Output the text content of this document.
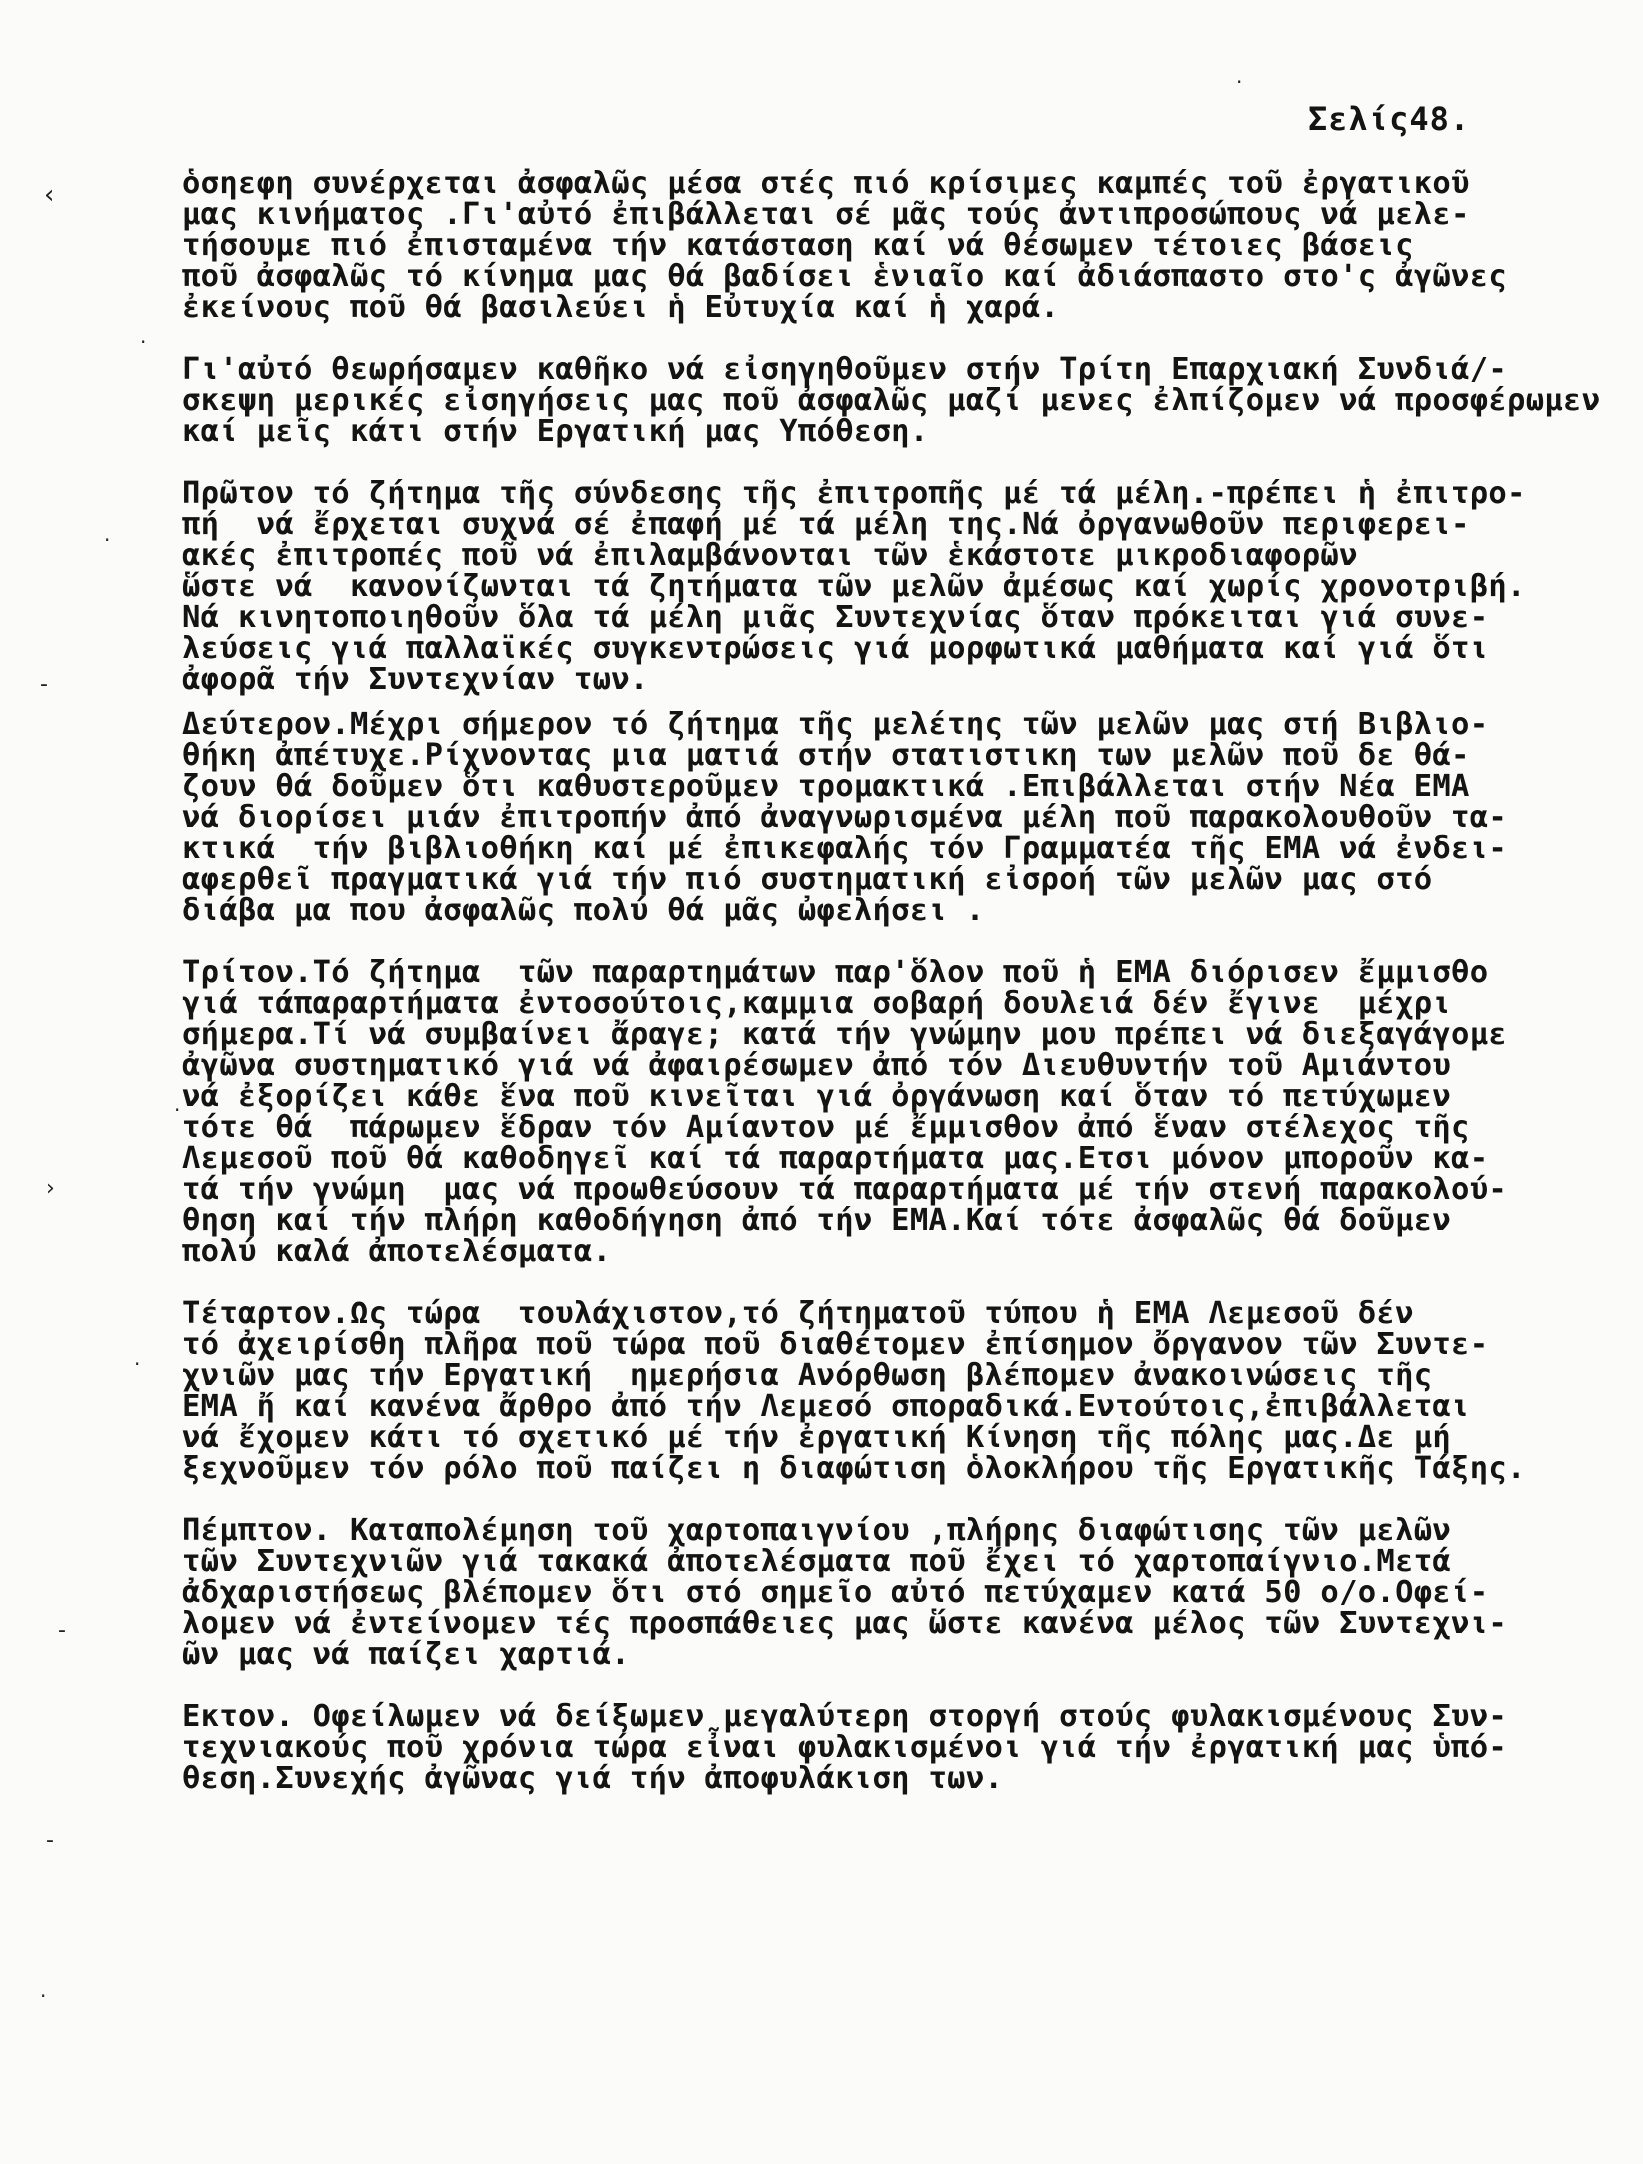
Σελίς48.

‹
·
·
‐
·
›
·
‐
‐
·
·

ὁσηεφη συνέρχεται ἀσφαλῶς μέσα στές πιό κρίσιμες καμπές τοῦ ἐργατικοῦ
μας κινήματος .Γι'αὐτό ἐπιβάλλεται σέ μᾶς τούς ἀντιπροσώπους νά μελε-
τήσουμε πιό ἐπισταμένα τήν κατάσταση καί νά θέσωμεν τέτοιες βάσεις
ποῦ ἀσφαλῶς τό κίνημα μας θά βαδίσει ἑνιαῖο καί ἀδιάσπαστο στο'ς ἀγῶνες
ἐκείνους ποῦ θά βασιλεύει ἡ Εὐτυχία καί ἡ χαρά.

Γι'αὐτό θεωρήσαμεν καθῆκο νά εἰσηγηθοῦμεν στήν Τρίτη Επαρχιακή Συνδιά/-
σκεψη μερικές εἰσηγήσεις μας ποῦ ἀσφαλῶς μαζί μενες ἐλπίζομεν νά προσφέρωμεν
καί μεῖς κάτι στήν Εργατική μας Υπόθεση.

Πρῶτον τό ζήτημα τῆς σύνδεσης τῆς ἐπιτροπῆς μέ τά μέλη.-πρέπει ἡ ἐπιτρο-
πή  νά ἔρχεται συχνά σέ ἐπαφή μέ τά μέλη της.Νά ὀργανωθοῦν περιφερει-
ακές ἐπιτροπές ποῦ νά ἐπιλαμβάνονται τῶν ἑκάστοτε μικροδιαφορῶν
ὥστε νά  κανονίζωνται τά ζητήματα τῶν μελῶν ἀμέσως καί χωρίς χρονοτριβή.
Νά κινητοποιηθοῦν ὅλα τά μέλη μιᾶς Συντεχνίας ὅταν πρόκειται γιά συνε-
λεύσεις γιά παλλαϊκές συγκεντρώσεις γιά μορφωτικά μαθήματα καί γιά ὅτι
ἀφορᾶ τήν Συντεχνίαν των.

Δεύτερον.Μέχρι σήμερον τό ζήτημα τῆς μελέτης τῶν μελῶν μας στή Βιβλιο-
θήκη ἀπέτυχε.Ρίχνοντας μια ματιά στήν στατιστικη των μελῶν ποῦ δε θά-
ζουν θά δοῦμεν ὅτι καθυστεροῦμεν τρομακτικά .Επιβάλλεται στήν Νέα ΕΜΑ
νά διορίσει μιάν ἐπιτροπήν ἀπό ἀναγνωρισμένα μέλη ποῦ παρακολουθοῦν τα-
κτικά  τήν βιβλιοθήκη καί μέ ἐπικεφαλής τόν Γραμματέα τῆς ΕΜΑ νά ἐνδει-
αφερθεῖ πραγματικά γιά τήν πιό συστηματική εἰσροή τῶν μελῶν μας στό
διάβα μα που ἀσφαλῶς πολύ θά μᾶς ὠφελήσει .

Τρίτον.Τό ζήτημα  τῶν παραρτημάτων παρ'ὅλον ποῦ ἡ ΕΜΑ διόρισεν ἔμμισθο
γιά τάπαραρτήματα ἐντοσούτοις,καμμια σοβαρή δουλειά δέν ἔγινε  μέχρι
σήμερα.Τί νά συμβαίνει ἄραγε; κατά τήν γνώμην μου πρέπει νά διεξαγάγομε
ἀγῶνα συστηματικό γιά νά ἀφαιρέσωμεν ἀπό τόν Διευθυντήν τοῦ Αμιάντου
νά ἐξορίζει κάθε ἕνα ποῦ κινεῖται γιά ὀργάνωση καί ὅταν τό πετύχωμεν
τότε θά  πάρωμεν ἕδραν τόν Αμίαντον μέ ἔμμισθον ἀπό ἕναν στέλεχος τῆς
Λεμεσοῦ ποῦ θά καθοδηγεῖ καί τά παραρτήματα μας.Ετσι μόνον μποροῦν κα-
τά τήν γνώμη  μας νά προωθεύσουν τά παραρτήματα μέ τήν στενή παρακολού-
θηση καί τήν πλήρη καθοδήγηση ἀπό τήν ΕΜΑ.Καί τότε ἀσφαλῶς θά δοῦμεν
πολύ καλά ἀποτελέσματα.

Τέταρτον.Ως τώρα  τουλάχιστον,τό ζήτηματοῦ τύπου ἡ ΕΜΑ Λεμεσοῦ δέν
τό ἀχειρίσθη πλῆρα ποῦ τώρα ποῦ διαθέτομεν ἐπίσημον ὄργανον τῶν Συντε-
χνιῶν μας τήν Εργατική  ημερήσια Ανόρθωση βλέπομεν ἀνακοινώσεις τῆς
ΕΜΑ ἤ καί κανένα ἄρθρο ἀπό τήν Λεμεσό σποραδικά.Εντούτοις,ἐπιβάλλεται
νά ἔχομεν κάτι τό σχετικό μέ τήν ἐργατική Κίνηση τῆς πόλης μας.Δε μή
ξεχνοῦμεν τόν ρόλο ποῦ παίζει η διαφώτιση ὁλοκλήρου τῆς Εργατικῆς Τάξης.

Πέμπτον. Καταπολέμηση τοῦ χαρτοπαιγνίου ,πλήρης διαφώτισης τῶν μελῶν
τῶν Συντεχνιῶν γιά τακακά ἀποτελέσματα ποῦ ἔχει τό χαρτοπαίγνιο.Μετά
ἀδχαριστήσεως βλέπομεν ὅτι στό σημεῖο αὐτό πετύχαμεν κατά 50 ο/ο.Οφεί-
λομεν νά ἐντείνομεν τές προσπάθειες μας ὥστε κανένα μέλος τῶν Συντεχνι-
ῶν μας νά παίζει χαρτιά.

Εκτον. Οφείλωμεν νά δείξωμεν μεγαλύτερη στοργή στούς φυλακισμένους Συν-
τεχνιακούς ποῦ χρόνια τώρα εἶναι φυλακισμένοι γιά τήν ἐργατική μας ὑπό-
θεση.Συνεχής ἀγῶνας γιά τήν ἀποφυλάκιση των.
